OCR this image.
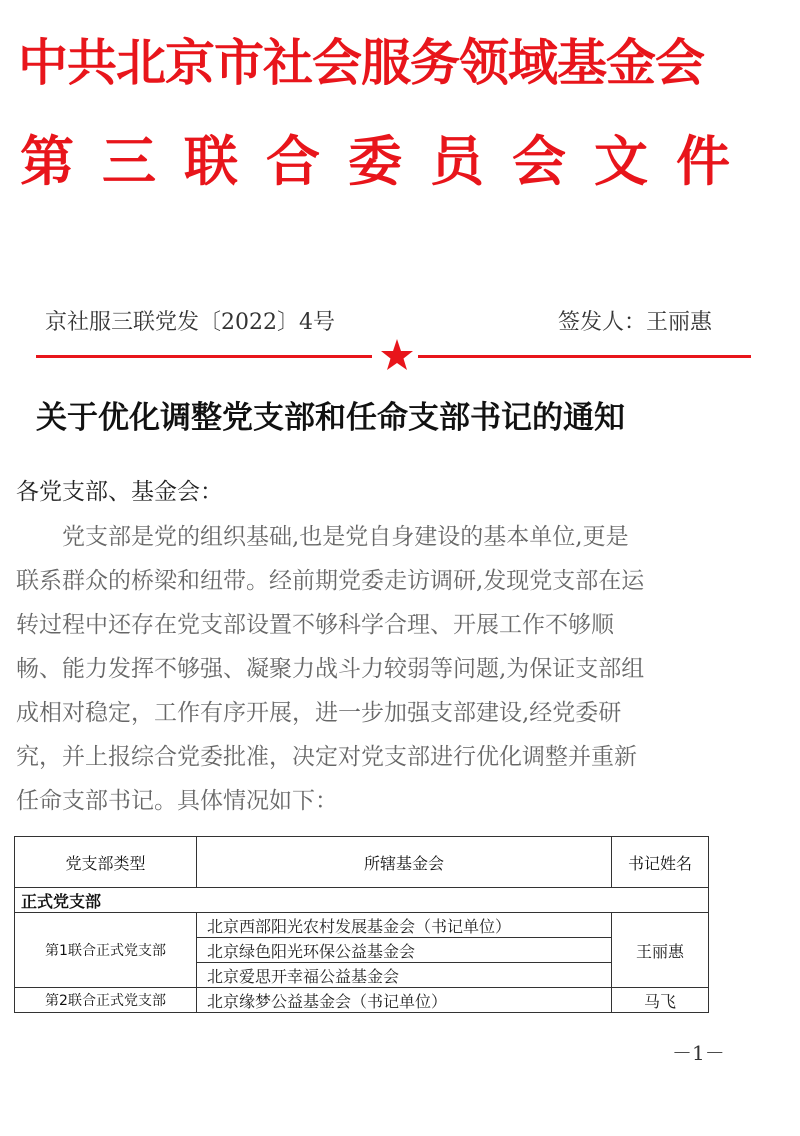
中共北京市社会服务领域基金会
第 三 联 合 委 员 会 文 件
京社服三联党发〔2022〕4号	签发人：王丽惠
关于优化调整党支部和任命支部书记的通知
各党支部、基金会：
　　党支部是党的组织基础,也是党自身建设的基本单位,更是
联系群众的桥梁和纽带。经前期党委走访调研,发现党支部在运
转过程中还存在党支部设置不够科学合理、开展工作不够顺
畅、能力发挥不够强、凝聚力战斗力较弱等问题,为保证支部组
成相对稳定，工作有序开展，进一步加强支部建设,经党委研
究，并上报综合党委批准，决定对党支部进行优化调整并重新
任命支部书记。具体情况如下：
党支部类型	所辖基金会	书记姓名
正式党支部		
第1联合正式党支部	北京西部阳光农村发展基金会（书记单位）	王丽惠
	北京绿色阳光环保公益基金会	
	北京爱思开幸福公益基金会	
第2联合正式党支部	北京缘梦公益基金会（书记单位）	马飞
－1－
